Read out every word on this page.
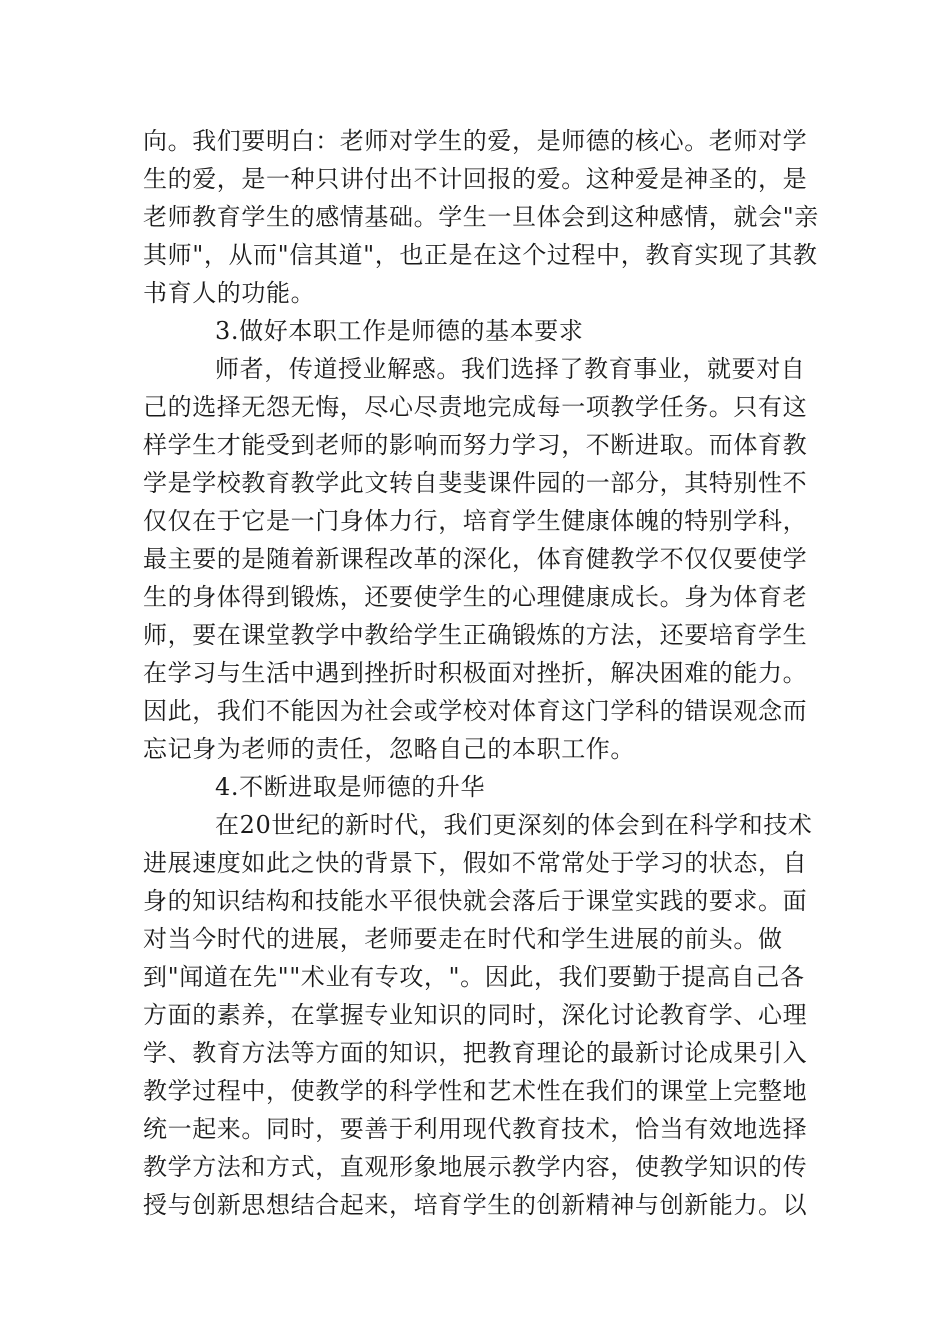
向。我们要明白：老师对学生的爱，是师德的核心。老师对学
生的爱，是一种只讲付出不计回报的爱。这种爱是神圣的，是
老师教育学生的感情基础。学生一旦体会到这种感情，就会"亲
其师"，从而"信其道"，也正是在这个过程中，教育实现了其教
书育人的功能。
3.做好本职工作是师德的基本要求
师者，传道授业解惑。我们选择了教育事业，就要对自
己的选择无怨无悔，尽心尽责地完成每一项教学任务。只有这
样学生才能受到老师的影响而努力学习，不断进取。而体育教
学是学校教育教学此文转自斐斐课件园的一部分，其特别性不
仅仅在于它是一门身体力行，培育学生健康体魄的特别学科，
最主要的是随着新课程改革的深化，体育健教学不仅仅要使学
生的身体得到锻炼，还要使学生的心理健康成长。身为体育老
师，要在课堂教学中教给学生正确锻炼的方法，还要培育学生
在学习与生活中遇到挫折时积极面对挫折，解决困难的能力。
因此，我们不能因为社会或学校对体育这门学科的错误观念而
忘记身为老师的责任，忽略自己的本职工作。
4.不断进取是师德的升华
在20世纪的新时代，我们更深刻的体会到在科学和技术
进展速度如此之快的背景下，假如不常常处于学习的状态，自
身的知识结构和技能水平很快就会落后于课堂实践的要求。面
对当今时代的进展，老师要走在时代和学生进展的前头。做
到"闻道在先""术业有专攻，"。因此，我们要勤于提高自己各
方面的素养，在掌握专业知识的同时，深化讨论教育学、心理
学、教育方法等方面的知识，把教育理论的最新讨论成果引入
教学过程中，使教学的科学性和艺术性在我们的课堂上完整地
统一起来。同时，要善于利用现代教育技术，恰当有效地选择
教学方法和方式，直观形象地展示教学内容，使教学知识的传
授与创新思想结合起来，培育学生的创新精神与创新能力。以
